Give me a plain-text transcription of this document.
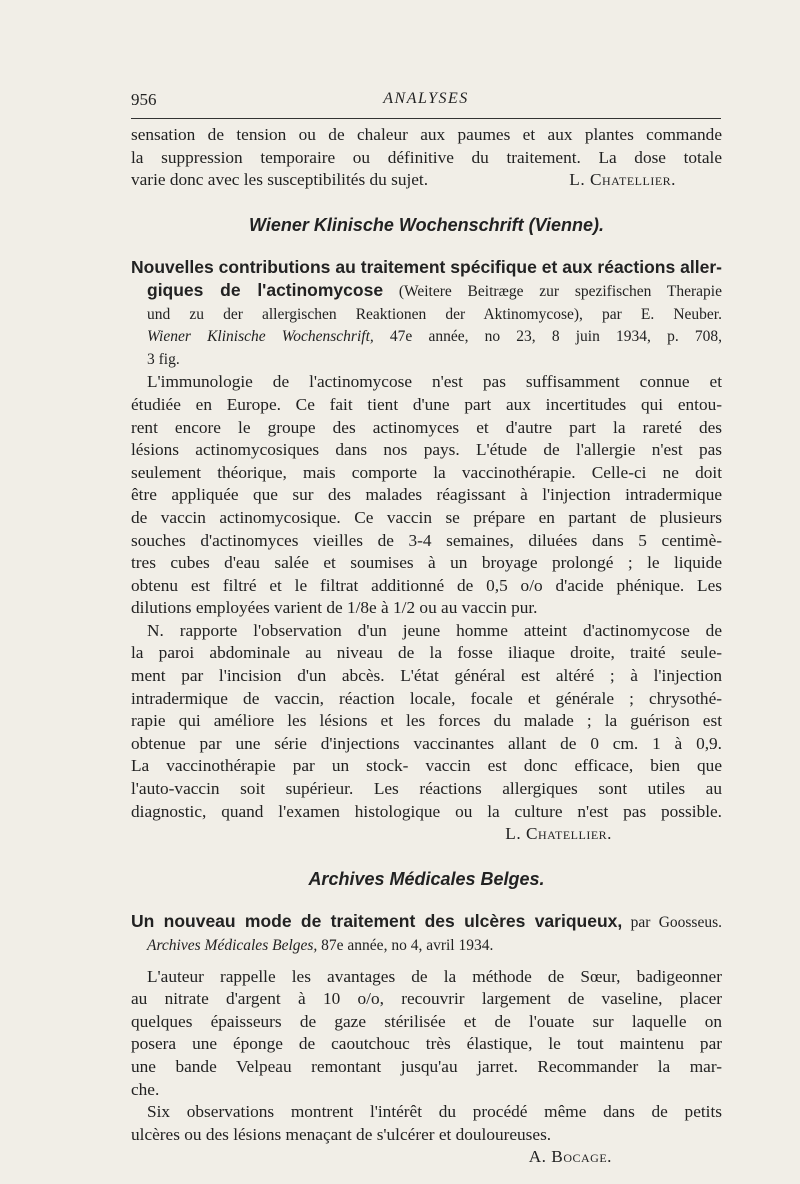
956	ANALYSES
sensation de tension ou de chaleur aux paumes et aux plantes commande
la suppression temporaire ou définitive du traitement. La dose totale
varie donc avec les susceptibilités du sujet.	L. Chatellier.
Wiener Klinische Wochenschrift (Vienne).
Nouvelles contributions au traitement spécifique et aux réactions aller-
giques de l'actinomycose (Weitere Beitræge zur spezifischen Therapie
und zu der allergischen Reaktionen der Aktinomycose), par E. Neuber.
Wiener Klinische Wochenschrift, 47e année, no 23, 8 juin 1934, p. 708,
3 fig.
L'immunologie de l'actinomycose n'est pas suffisamment connue et
étudiée en Europe. Ce fait tient d'une part aux incertitudes qui entou-
rent encore le groupe des actinomyces et d'autre part la rareté des
lésions actinomycosiques dans nos pays. L'étude de l'allergie n'est pas
seulement théorique, mais comporte la vaccinothérapie. Celle-ci ne doit
être appliquée que sur des malades réagissant à l'injection intradermique
de vaccin actinomycosique. Ce vaccin se prépare en partant de plusieurs
souches d'actinomyces vieilles de 3-4 semaines, diluées dans 5 centimè-
tres cubes d'eau salée et soumises à un broyage prolongé ; le liquide
obtenu est filtré et le filtrat additionné de 0,5 o/o d'acide phénique. Les
dilutions employées varient de 1/8e à 1/2 ou au vaccin pur.
N. rapporte l'observation d'un jeune homme atteint d'actinomycose de
la paroi abdominale au niveau de la fosse iliaque droite, traité seule-
ment par l'incision d'un abcès. L'état général est altéré ; à l'injection
intradermique de vaccin, réaction locale, focale et générale ; chrysothé-
rapie qui améliore les lésions et les forces du malade ; la guérison est
obtenue par une série d'injections vaccinantes allant de 0 cm. 1 à 0,9.
La vaccinothérapie par un stock- vaccin est donc efficace, bien que
l'auto-vaccin soit supérieur. Les réactions allergiques sont utiles au
diagnostic, quand l'examen histologique ou la culture n'est pas possible.
L. Chatellier.
Archives Médicales Belges.
Un nouveau mode de traitement des ulcères variqueux, par Goosseus.
Archives Médicales Belges, 87e année, no 4, avril 1934.
L'auteur rappelle les avantages de la méthode de Sœur, badigeonner
au nitrate d'argent à 10 o/o, recouvrir largement de vaseline, placer
quelques épaisseurs de gaze stérilisée et de l'ouate sur laquelle on
posera une éponge de caoutchouc très élastique, le tout maintenu par
une bande Velpeau remontant jusqu'au jarret. Recommander la mar-
che.
Six observations montrent l'intérêt du procédé même dans de petits
ulcères ou des lésions menaçant de s'ulcérer et douloureuses.
A. Bocage.
